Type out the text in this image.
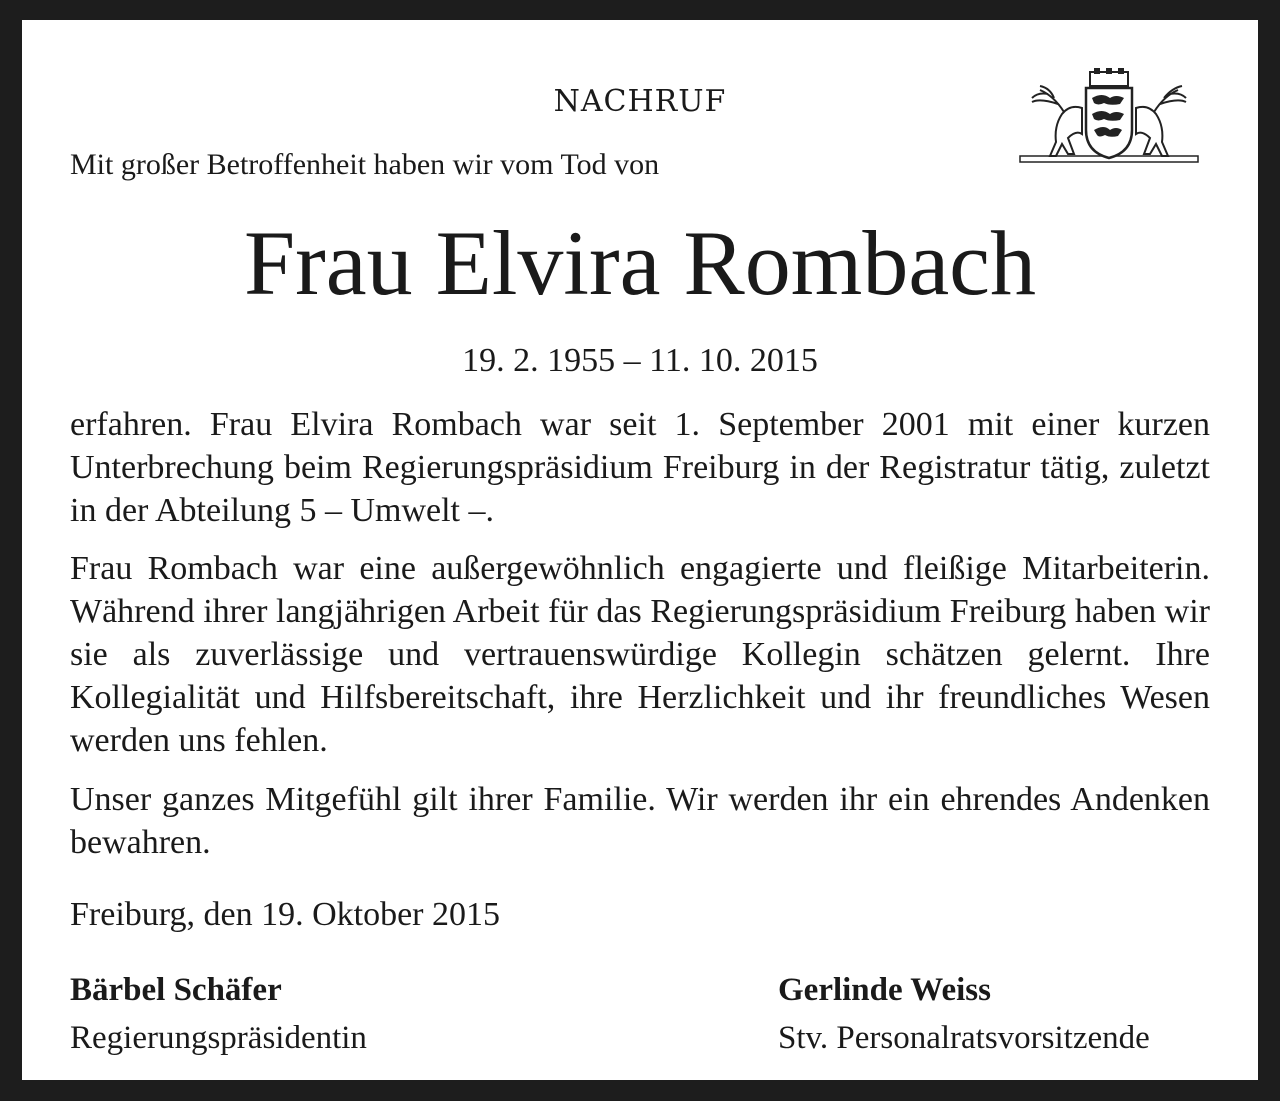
NACHRUF
Mit großer Betroffenheit haben wir vom Tod von
Frau Elvira Rombach
19. 2. 1955 – 11. 10. 2015
erfahren. Frau Elvira Rombach war seit 1. September 2001 mit einer kurzen Unterbrechung beim Regierungspräsidium Freiburg in der Registratur tätig, zuletzt in der Abteilung 5 – Umwelt –.
Frau Rombach war eine außergewöhnlich engagierte und fleißige Mitarbeiterin. Während ihrer langjährigen Arbeit für das Regierungspräsidium Freiburg haben wir sie als zuverlässige und vertrauenswürdige Kollegin schätzen gelernt. Ihre Kollegialität und Hilfsbereitschaft, ihre Herzlichkeit und ihr freundliches Wesen werden uns fehlen.
Unser ganzes Mitgefühl gilt ihrer Familie. Wir werden ihr ein ehrendes Andenken bewahren.
Freiburg, den 19. Oktober 2015
Bärbel Schäfer
Regierungspräsidentin
Gerlinde Weiss
Stv. Personalratsvorsitzende
